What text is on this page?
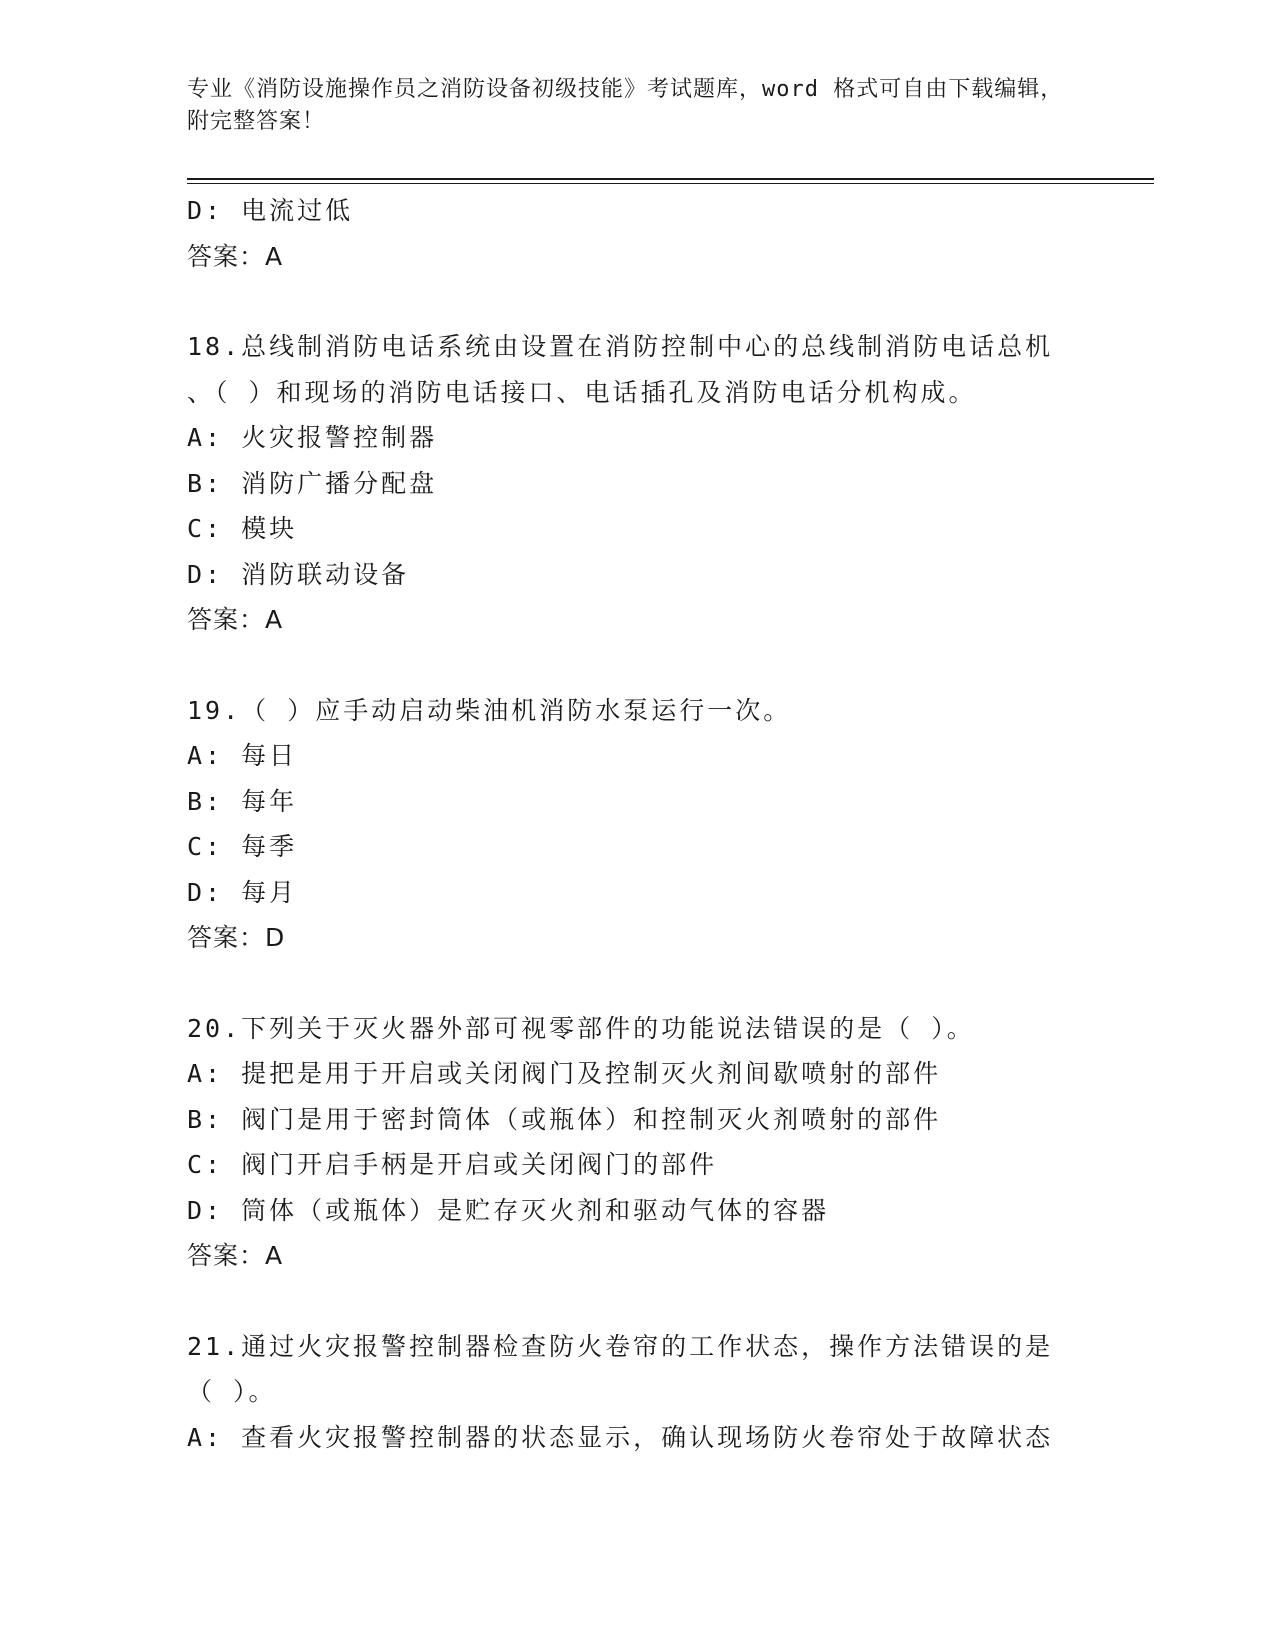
专业《消防设施操作员之消防设备初级技能》考试题库，word 格式可自由下载编辑，附完整答案！
D: 电流过低
答案：A
18.总线制消防电话系统由设置在消防控制中心的总线制消防电话总机
、（ ）和现场的消防电话接口、电话插孔及消防电话分机构成。
A: 火灾报警控制器
B: 消防广播分配盘
C: 模块
D: 消防联动设备
答案：A
19.（ ）应手动启动柴油机消防水泵运行一次。
A: 每日
B: 每年
C: 每季
D: 每月
答案：D
20.下列关于灭火器外部可视零部件的功能说法错误的是（ ）。
A: 提把是用于开启或关闭阀门及控制灭火剂间歇喷射的部件
B: 阀门是用于密封筒体（或瓶体）和控制灭火剂喷射的部件
C: 阀门开启手柄是开启或关闭阀门的部件
D: 筒体（或瓶体）是贮存灭火剂和驱动气体的容器
答案：A
21.通过火灾报警控制器检查防火卷帘的工作状态，操作方法错误的是
（ ）。
A: 查看火灾报警控制器的状态显示，确认现场防火卷帘处于故障状态
